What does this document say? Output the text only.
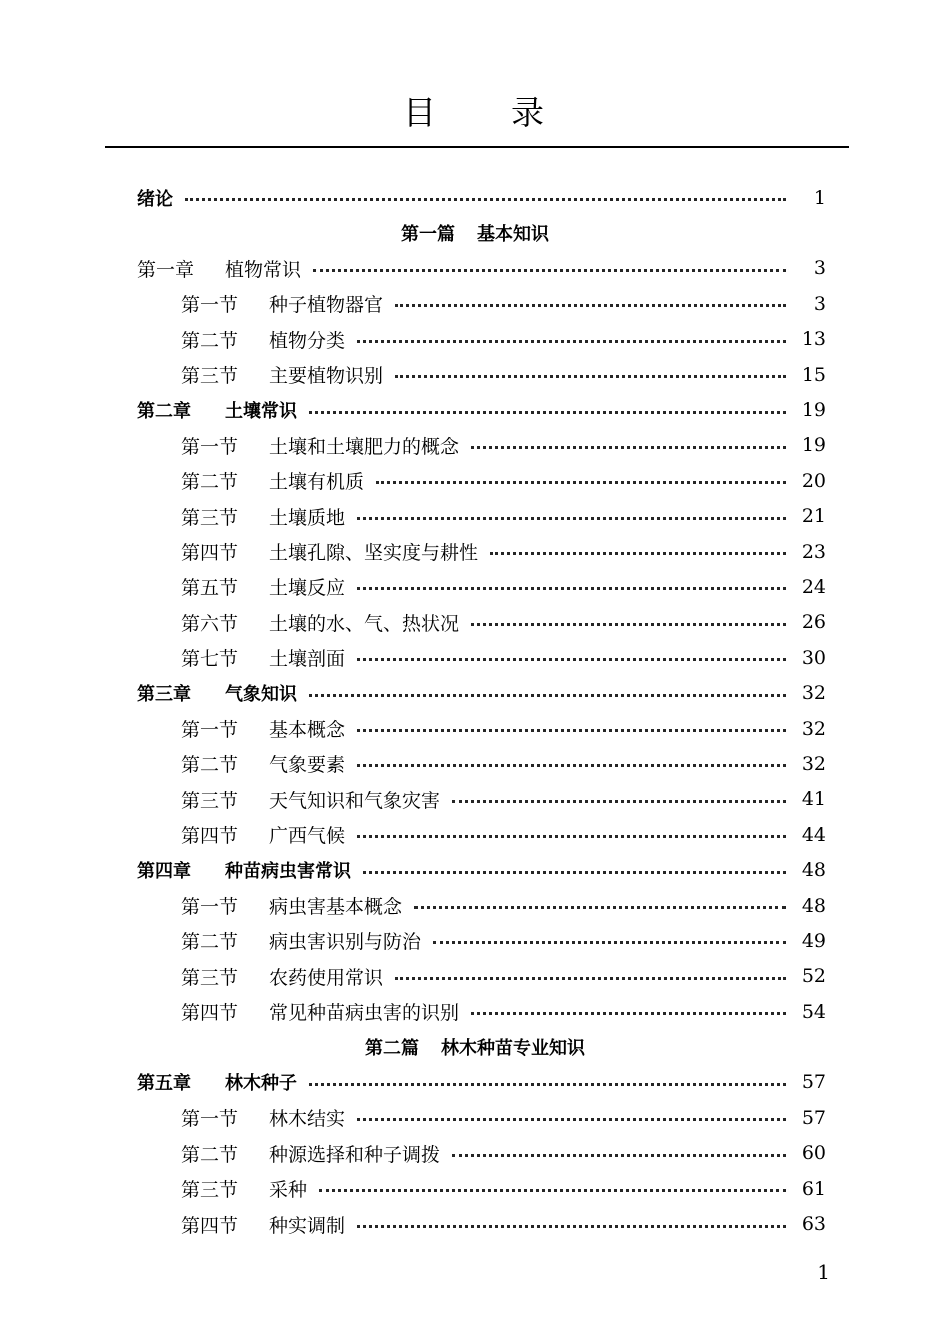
目　　录
绪论	1
第一篇 基本知识
第一章	植物常识	3
第一节	种子植物器官	3
第二节	植物分类	13
第三节	主要植物识别	15
第二章	土壤常识	19
第一节	土壤和土壤肥力的概念	19
第二节	土壤有机质	20
第三节	土壤质地	21
第四节	土壤孔隙、坚实度与耕性	23
第五节	土壤反应	24
第六节	土壤的水、气、热状况	26
第七节	土壤剖面	30
第三章	气象知识	32
第一节	基本概念	32
第二节	气象要素	32
第三节	天气知识和气象灾害	41
第四节	广西气候	44
第四章	种苗病虫害常识	48
第一节	病虫害基本概念	48
第二节	病虫害识别与防治	49
第三节	农药使用常识	52
第四节	常见种苗病虫害的识别	54
第二篇 林木种苗专业知识
第五章	林木种子	57
第一节	林木结实	57
第二节	种源选择和种子调拨	60
第三节	采种	61
第四节	种实调制	63
1
